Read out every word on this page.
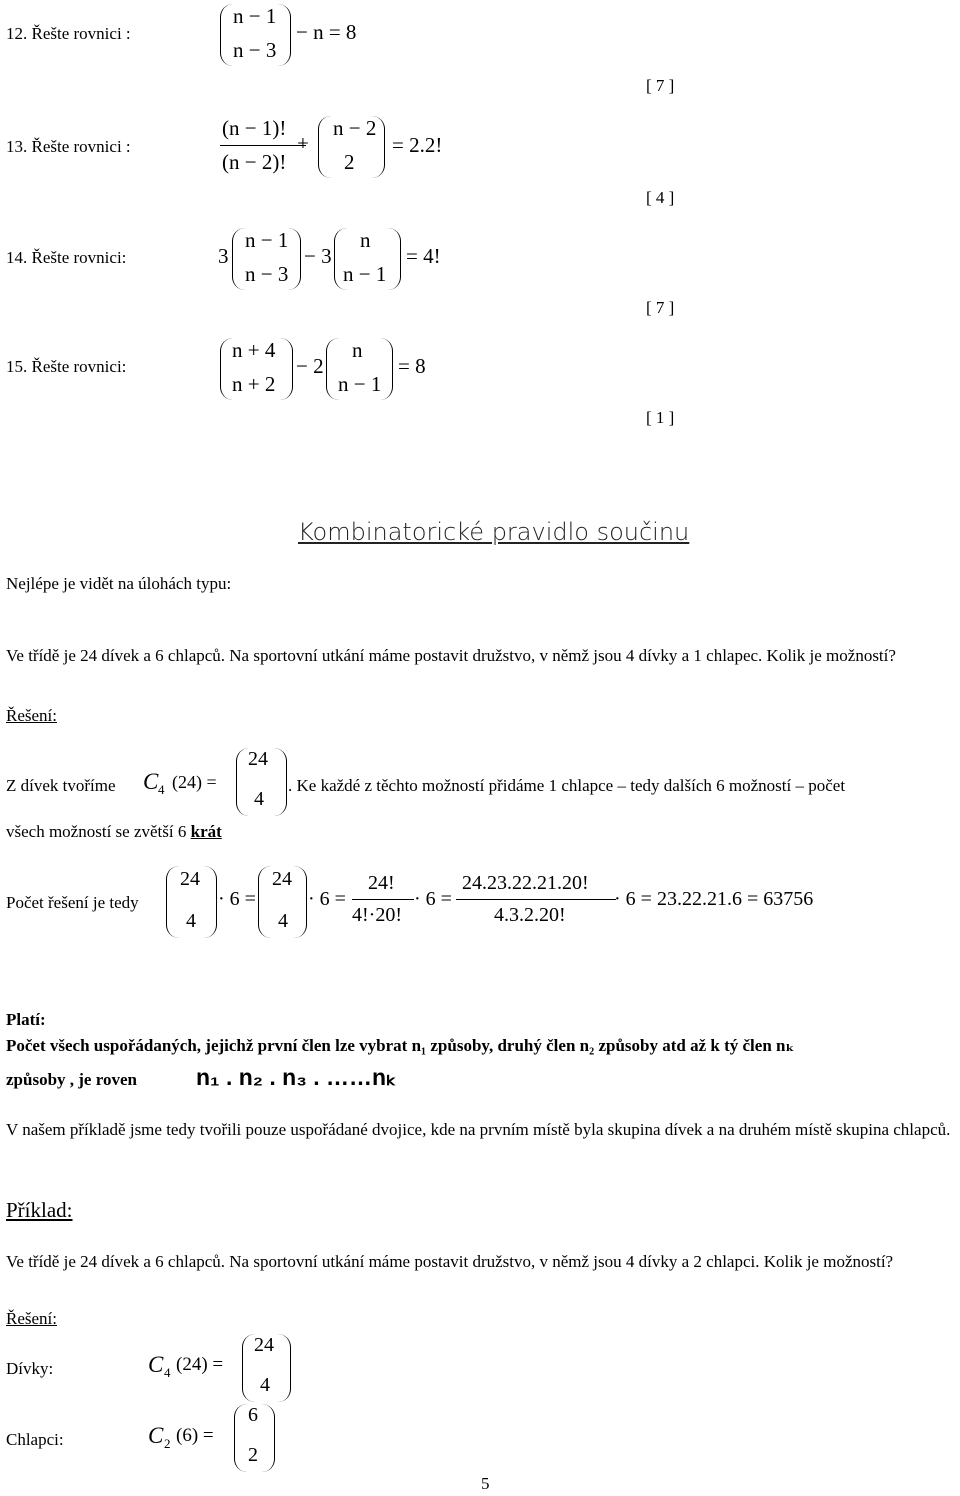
12. Řešte rovnici :
n − 1
n − 3
− n = 8
[ 7 ]
13. Řešte rovnici :
(n − 1)!
(n − 2)!
+
n − 2
2
= 2.2!
[ 4 ]
14. Řešte rovnici:	3
n − 1
n − 3
− 3
n
n − 1
= 4!
[ 7 ]
15. Řešte rovnici:
n + 4
n + 2
− 2
n
n − 1
= 8
[ 1 ]
Kombinatorické pravidlo součinu
Nejlépe je vidět na úlohách typu:
Ve třídě je 24 dívek a 6 chlapců. Na sportovní utkání máme postavit družstvo, v němž jsou 4 dívky a 1 chlapec. Kolik je možností?
Řešení:
Z dívek tvoříme C 4 (24) =
24
4
. Ke každé z těchto možností přidáme 1 chlapce – tedy dalších 6 možností – počet
všech možností se zvětší 6 krát
Počet řešení je tedy
24
4
· 6 =
24
4
· 6 =
24!
4!·20!
· 6 =
24.23.22.21.20!
4.3.2.20!
· 6 = 23.22.21.6 = 63756
Platí:
Počet všech uspořádaných, jejichž první člen lze vybrat n₁ způsoby, druhý člen n₂ způsoby atd až k tý člen nₖ
způsoby , je roven	n₁ . n₂ . n₃ . ……nₖ
V našem příkladě jsme tedy tvořili pouze uspořádané dvojice, kde na prvním místě byla skupina dívek a na druhém místě skupina chlapců.
Příklad:
Ve třídě je 24 dívek a 6 chlapců. Na sportovní utkání máme postavit družstvo, v němž jsou 4 dívky a 2 chlapci. Kolik je možností?
Řešení:
Dívky:	C 4 (24) =
24
4
Chlapci:	C 2 (6) =
6
2
5
